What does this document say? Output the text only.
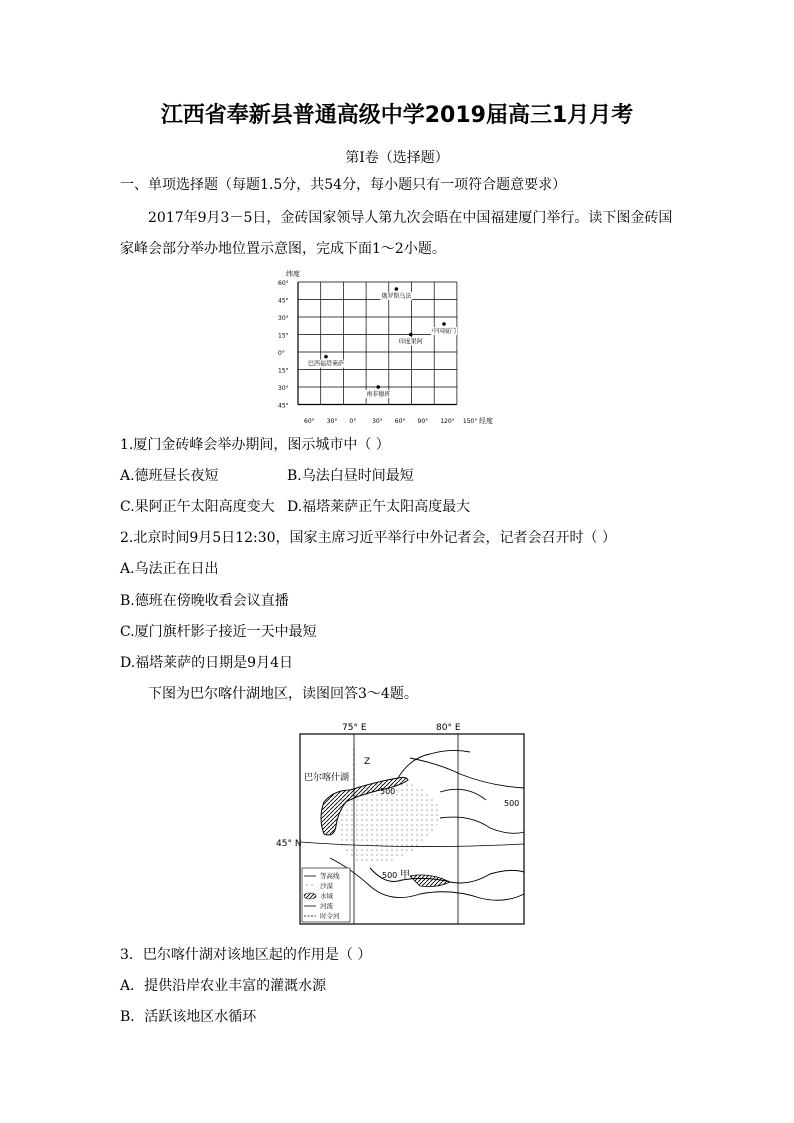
江西省奉新县普通高级中学2019届高三1月月考
第Ⅰ卷（选择题）
一、单项选择题（每题1.5分，共54分，每小题只有一项符合题意要求）
2017年9月3－5日，金砖国家领导人第九次会晤在中国福建厦门举行。读下图金砖国
家峰会部分举办地位置示意图，完成下面1～2小题。
纬度
60°
45°
30°
15°
0°
15°
30°
45°
60° 30° 0°	30° 60° 90° 120° 150°
俄罗斯乌法
中国厦门
印度果阿
巴西福塔莱萨
南非德班
经度
1.厦门金砖峰会举办期间，图示城市中（ ）
A.德班昼长夜短	B.乌法白昼时间最短
C.果阿正午太阳高度变大 D.福塔莱萨正午太阳高度最大
2.北京时间9月5日12:30，国家主席习近平举行中外记者会，记者会召开时（ ）
A.乌法正在日出
B.德班在傍晚收看会议直播
C.厦门旗杆影子接近一天中最短
D.福塔莱萨的日期是9月4日
下图为巴尔喀什湖地区，读图回答3～4题。
75° E	80° E
45° N
巴尔喀什湖
Z
500
500
500 甲
等高线
沙漠
水域
河流
时令河
3．巴尔喀什湖对该地区起的作用是（ ）
A．提供沿岸农业丰富的灌溉水源
B．活跃该地区水循环
